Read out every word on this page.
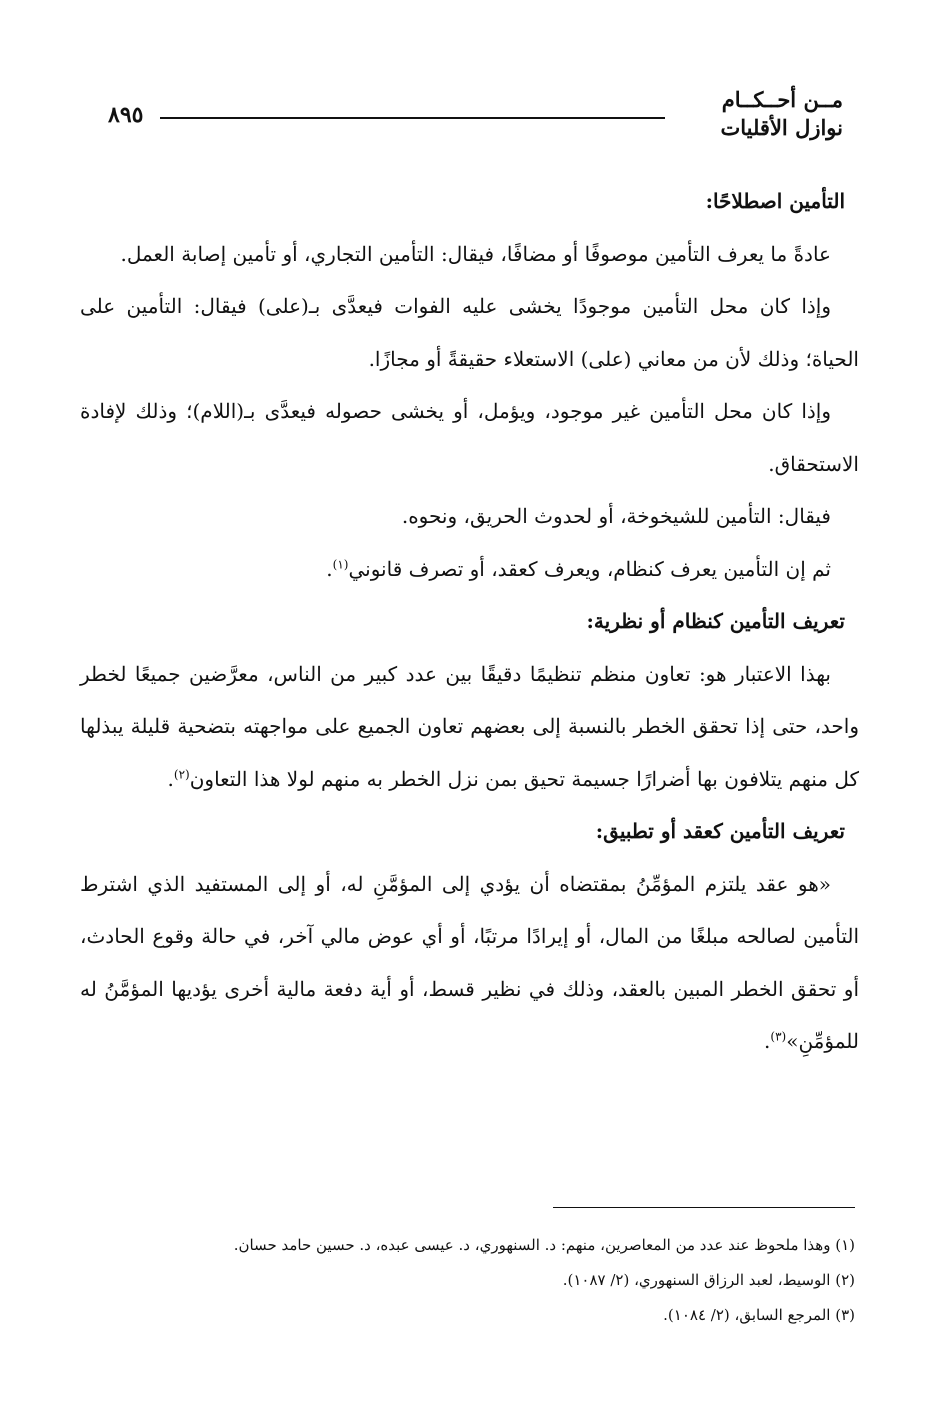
مــن أحــكــام
نوازل الأقليات
٨٩٥
التأمين اصطلاحًا:

عادةً ما يعرف التأمين موصوفًا أو مضافًا، فيقال: التأمين التجاري، أو تأمين إصابة العمل.

وإذا كان محل التأمين موجودًا يخشى عليه الفوات فيعدَّى بـ(على) فيقال: التأمين على الحياة؛ وذلك لأن من معاني (على) الاستعلاء حقيقةً أو مجازًا.

وإذا كان محل التأمين غير موجود، ويؤمل، أو يخشى حصوله فيعدَّى بـ(اللام)؛ وذلك لإفادة الاستحقاق.

فيقال: التأمين للشيخوخة، أو لحدوث الحريق، ونحوه.

ثم إن التأمين يعرف كنظام، ويعرف كعقد، أو تصرف قانوني$^{(١)}$.

تعريف التأمين كنظام أو نظرية:

بهذا الاعتبار هو: تعاون منظم تنظيمًا دقيقًا بين عدد كبير من الناس، معرَّضين جميعًا لخطر واحد، حتى إذا تحقق الخطر بالنسبة إلى بعضهم تعاون الجميع على مواجهته بتضحية قليلة يبذلها كل منهم يتلافون بها أضرارًا جسيمة تحيق بمن نزل الخطر به منهم لولا هذا التعاون$^{(٢)}$.

تعريف التأمين كعقد أو تطبيق:

«هو عقد يلتزم المؤمِّنُ بمقتضاه أن يؤدي إلى المؤمَّنِ له، أو إلى المستفيد الذي اشترط التأمين لصالحه مبلغًا من المال، أو إيرادًا مرتبًا، أو أي عوض مالي آخر، في حالة وقوع الحادث، أو تحقق الخطر المبين بالعقد، وذلك في نظير قسط، أو أية دفعة مالية أخرى يؤديها المؤمَّنُ له للمؤمِّنِ»$^{(٣)}$.

(١) وهذا ملحوظ عند عدد من المعاصرين، منهم: د. السنهوري، د. عيسى عبده، د. حسين حامد حسان.

(٢) الوسيط، لعبد الرزاق السنهوري، (٢/ ١٠٨٧).

(٣) المرجع السابق، (٢/ ١٠٨٤).
